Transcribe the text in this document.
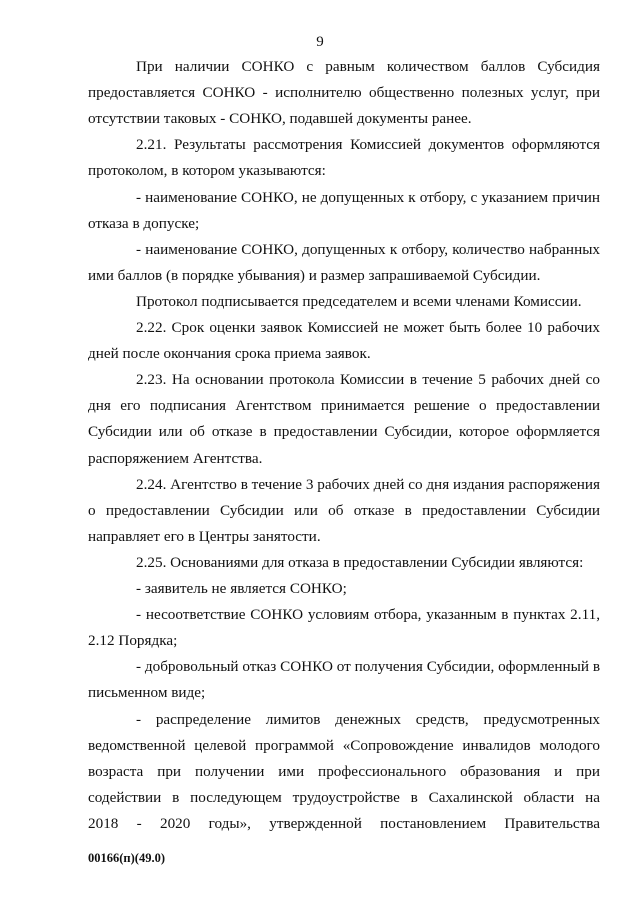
9
При наличии СОНКО с равным количеством баллов Субсидия
предоставляется СОНКО - исполнителю общественно полезных услуг, при
отсутствии таковых - СОНКО, подавшей документы ранее.
2.21. Результаты рассмотрения Комиссией документов оформляются
протоколом, в котором указываются:
- наименование СОНКО, не допущенных к отбору, с указанием причин
отказа в допуске;
- наименование СОНКО, допущенных к отбору, количество набранных
ими баллов (в порядке убывания) и размер запрашиваемой Субсидии.
Протокол подписывается председателем и всеми членами Комиссии.
2.22. Срок оценки заявок Комиссией не может быть более 10 рабочих
дней после окончания срока приема заявок.
2.23. На основании протокола Комиссии в течение 5 рабочих дней со
дня его подписания Агентством принимается решение о предоставлении
Субсидии или об отказе в предоставлении Субсидии, которое оформляется
распоряжением Агентства.
2.24. Агентство в течение 3 рабочих дней со дня издания распоряжения
о предоставлении Субсидии или об отказе в предоставлении Субсидии
направляет его в Центры занятости.
2.25. Основаниями для отказа в предоставлении Субсидии являются:
- заявитель не является СОНКО;
- несоответствие СОНКО условиям отбора, указанным в пунктах 2.11,
2.12 Порядка;
- добровольный отказ СОНКО от получения Субсидии, оформленный в
письменном виде;
- распределение лимитов денежных средств, предусмотренных
ведомственной целевой программой «Сопровождение инвалидов молодого
возраста при получении ими профессионального образования и при
содействии в последующем трудоустройстве в Сахалинской области на
2018 - 2020 годы», утвержденной постановлением Правительства
00166(п)(49.0)
